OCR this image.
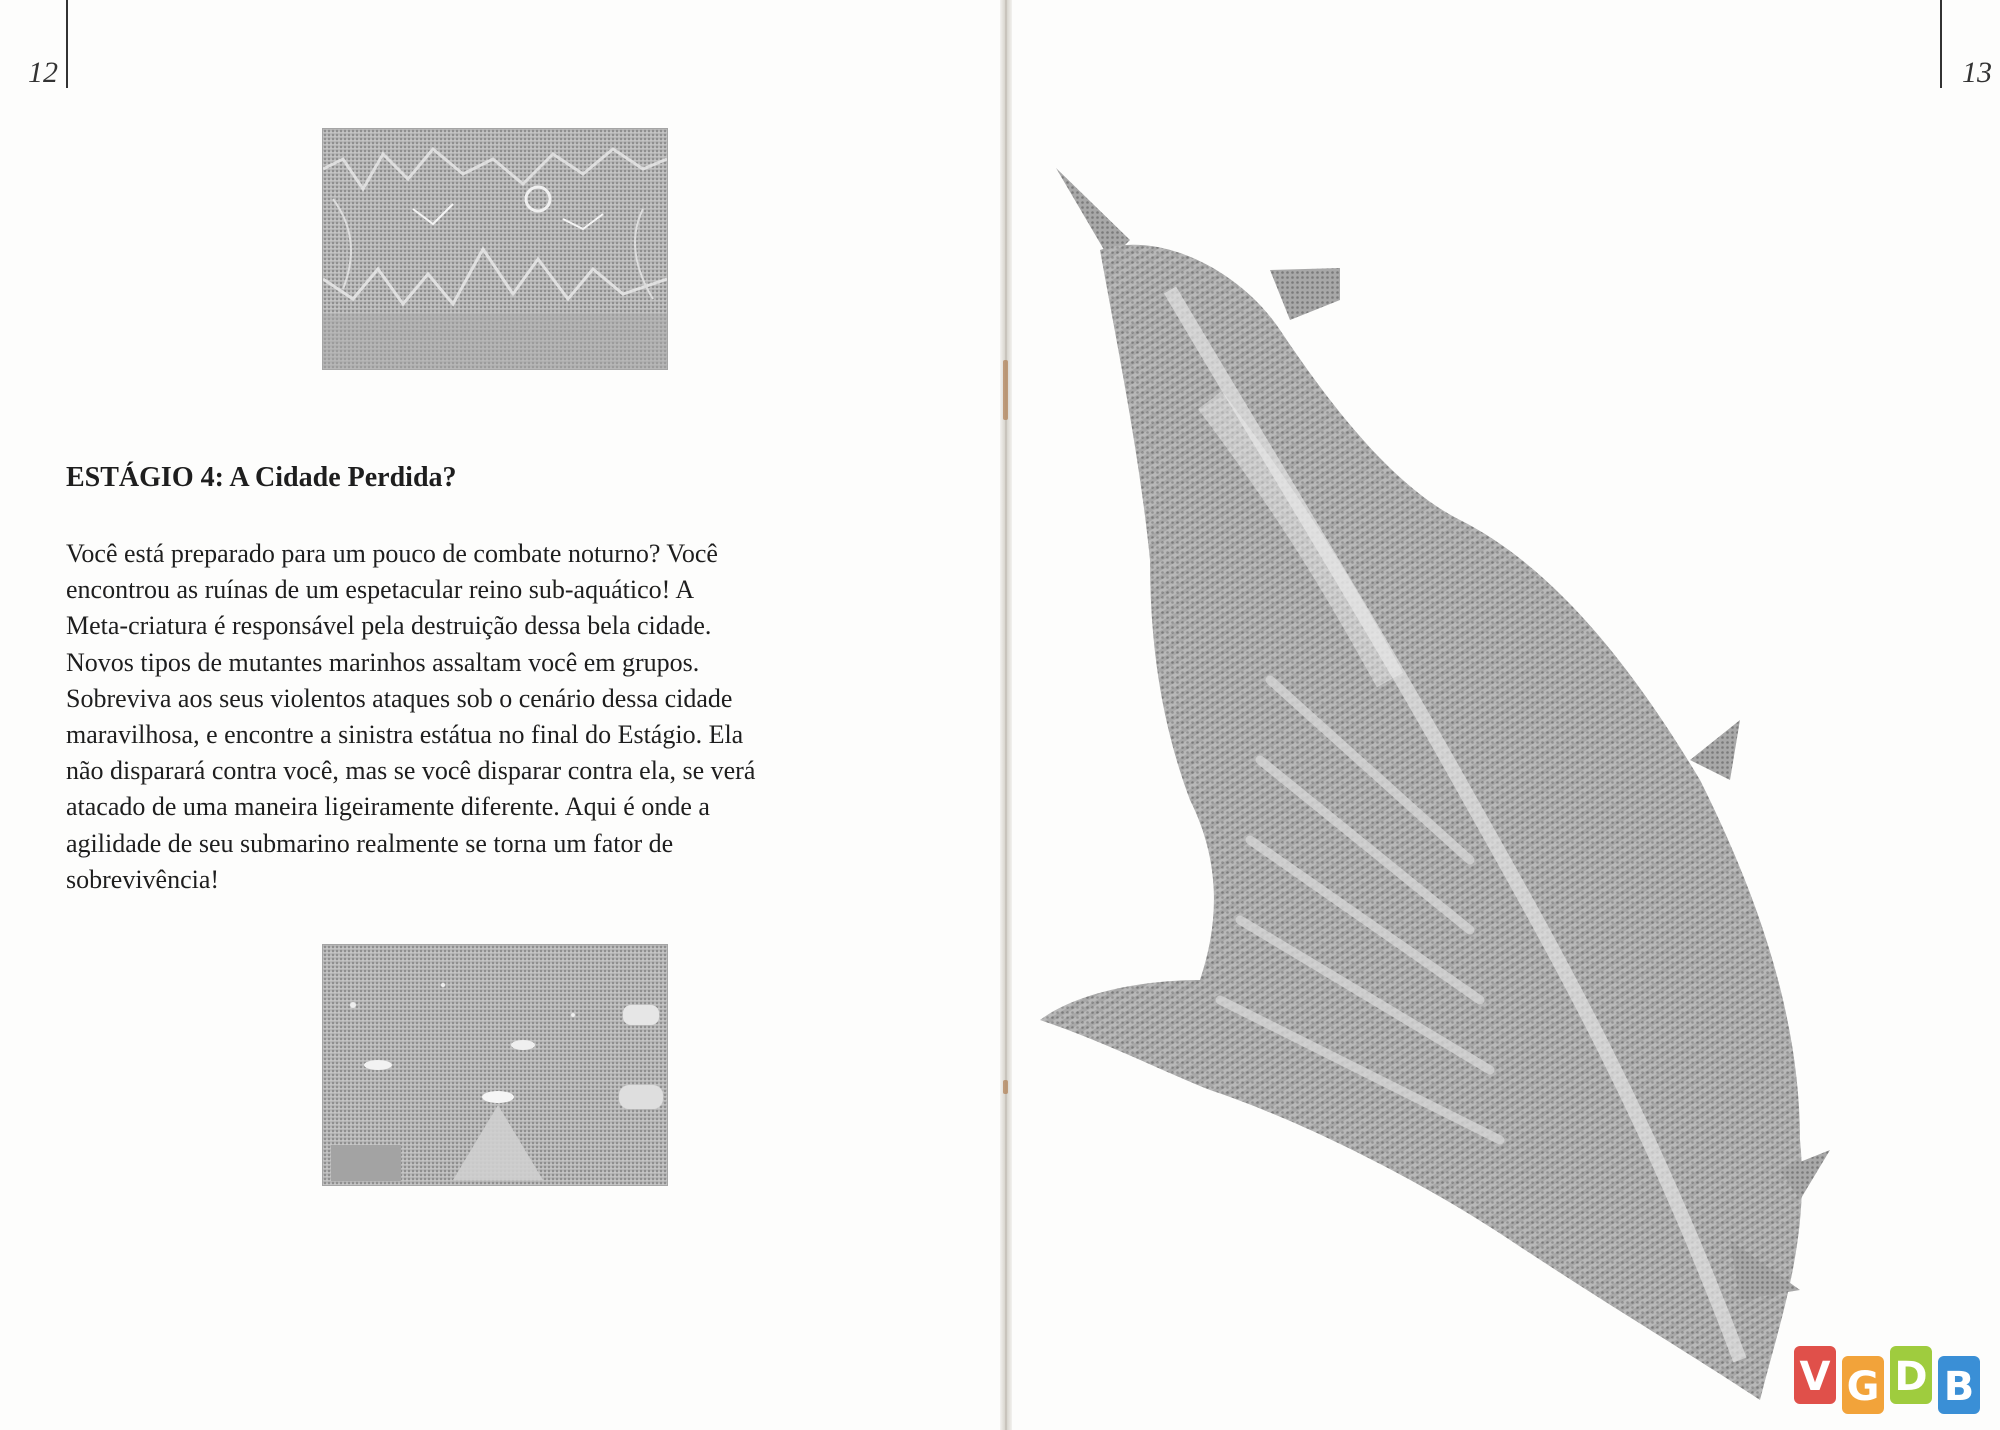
12
ESTÁGIO 4: A Cidade Perdida?
Você está preparado para um pouco de combate noturno? Você
encontrou as ruínas de um espetacular reino sub-aquático! A
Meta-criatura é responsável pela destruição dessa bela cidade.
Novos tipos de mutantes marinhos assaltam você em grupos.
Sobreviva aos seus violentos ataques sob o cenário dessa cidade
maravilhosa, e encontre a sinistra estátua no final do Estágio. Ela
não disparará contra você, mas se você disparar contra ela, se verá
atacado de uma maneira ligeiramente diferente. Aqui é onde a
agilidade de seu submarino realmente se torna um fator de
sobrevivência!
13
V G D B
